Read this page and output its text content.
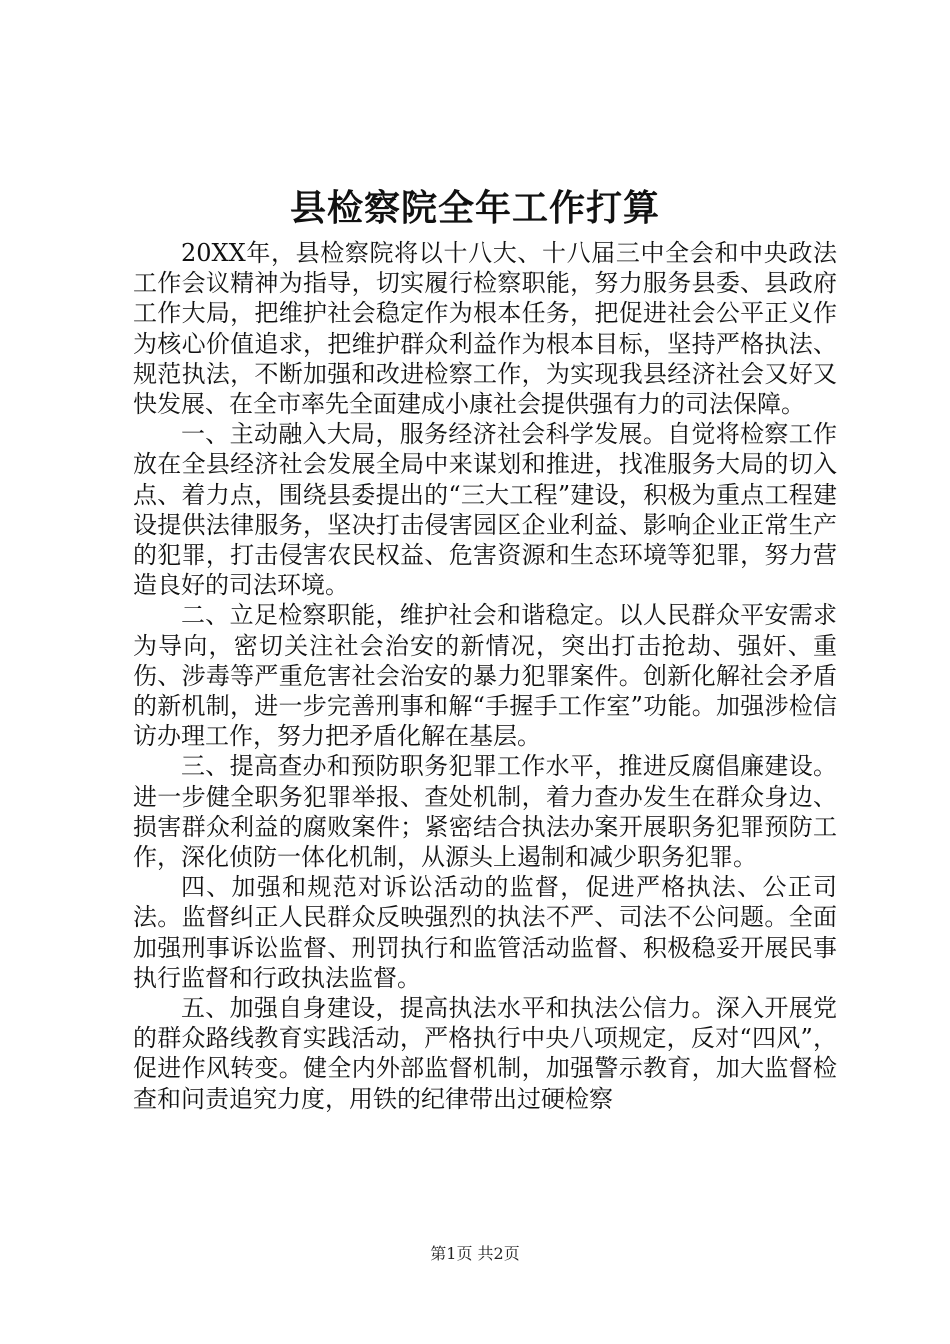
县检察院全年工作打算

20XX年，县检察院将以十八大、十八届三中全会和中央政法工作会议精神为指导，切实履行检察职能，努力服务县委、县政府工作大局，把维护社会稳定作为根本任务，把促进社会公平正义作为核心价值追求，把维护群众利益作为根本目标，坚持严格执法、规范执法，不断加强和改进检察工作，为实现我县经济社会又好又快发展、在全市率先全面建成小康社会提供强有力的司法保障。

一、主动融入大局，服务经济社会科学发展。自觉将检察工作放在全县经济社会发展全局中来谋划和推进，找准服务大局的切入点、着力点，围绕县委提出的“三大工程”建设，积极为重点工程建设提供法律服务，坚决打击侵害园区企业利益、影响企业正常生产的犯罪，打击侵害农民权益、危害资源和生态环境等犯罪，努力营造良好的司法环境。

二、立足检察职能，维护社会和谐稳定。以人民群众平安需求为导向，密切关注社会治安的新情况，突出打击抢劫、强奸、重伤、涉毒等严重危害社会治安的暴力犯罪案件。创新化解社会矛盾的新机制，进一步完善刑事和解“手握手工作室”功能。加强涉检信访办理工作，努力把矛盾化解在基层。

三、提高查办和预防职务犯罪工作水平，推进反腐倡廉建设。进一步健全职务犯罪举报、查处机制，着力查办发生在群众身边、损害群众利益的腐败案件；紧密结合执法办案开展职务犯罪预防工作，深化侦防一体化机制，从源头上遏制和减少职务犯罪。

四、加强和规范对诉讼活动的监督，促进严格执法、公正司法。监督纠正人民群众反映强烈的执法不严、司法不公问题。全面加强刑事诉讼监督、刑罚执行和监管活动监督、积极稳妥开展民事执行监督和行政执法监督。

五、加强自身建设，提高执法水平和执法公信力。深入开展党的群众路线教育实践活动，严格执行中央八项规定，反对“四风”，促进作风转变。健全内外部监督机制，加强警示教育，加大监督检查和问责追究力度，用铁的纪律带出过硬检察

第1页 共2页
